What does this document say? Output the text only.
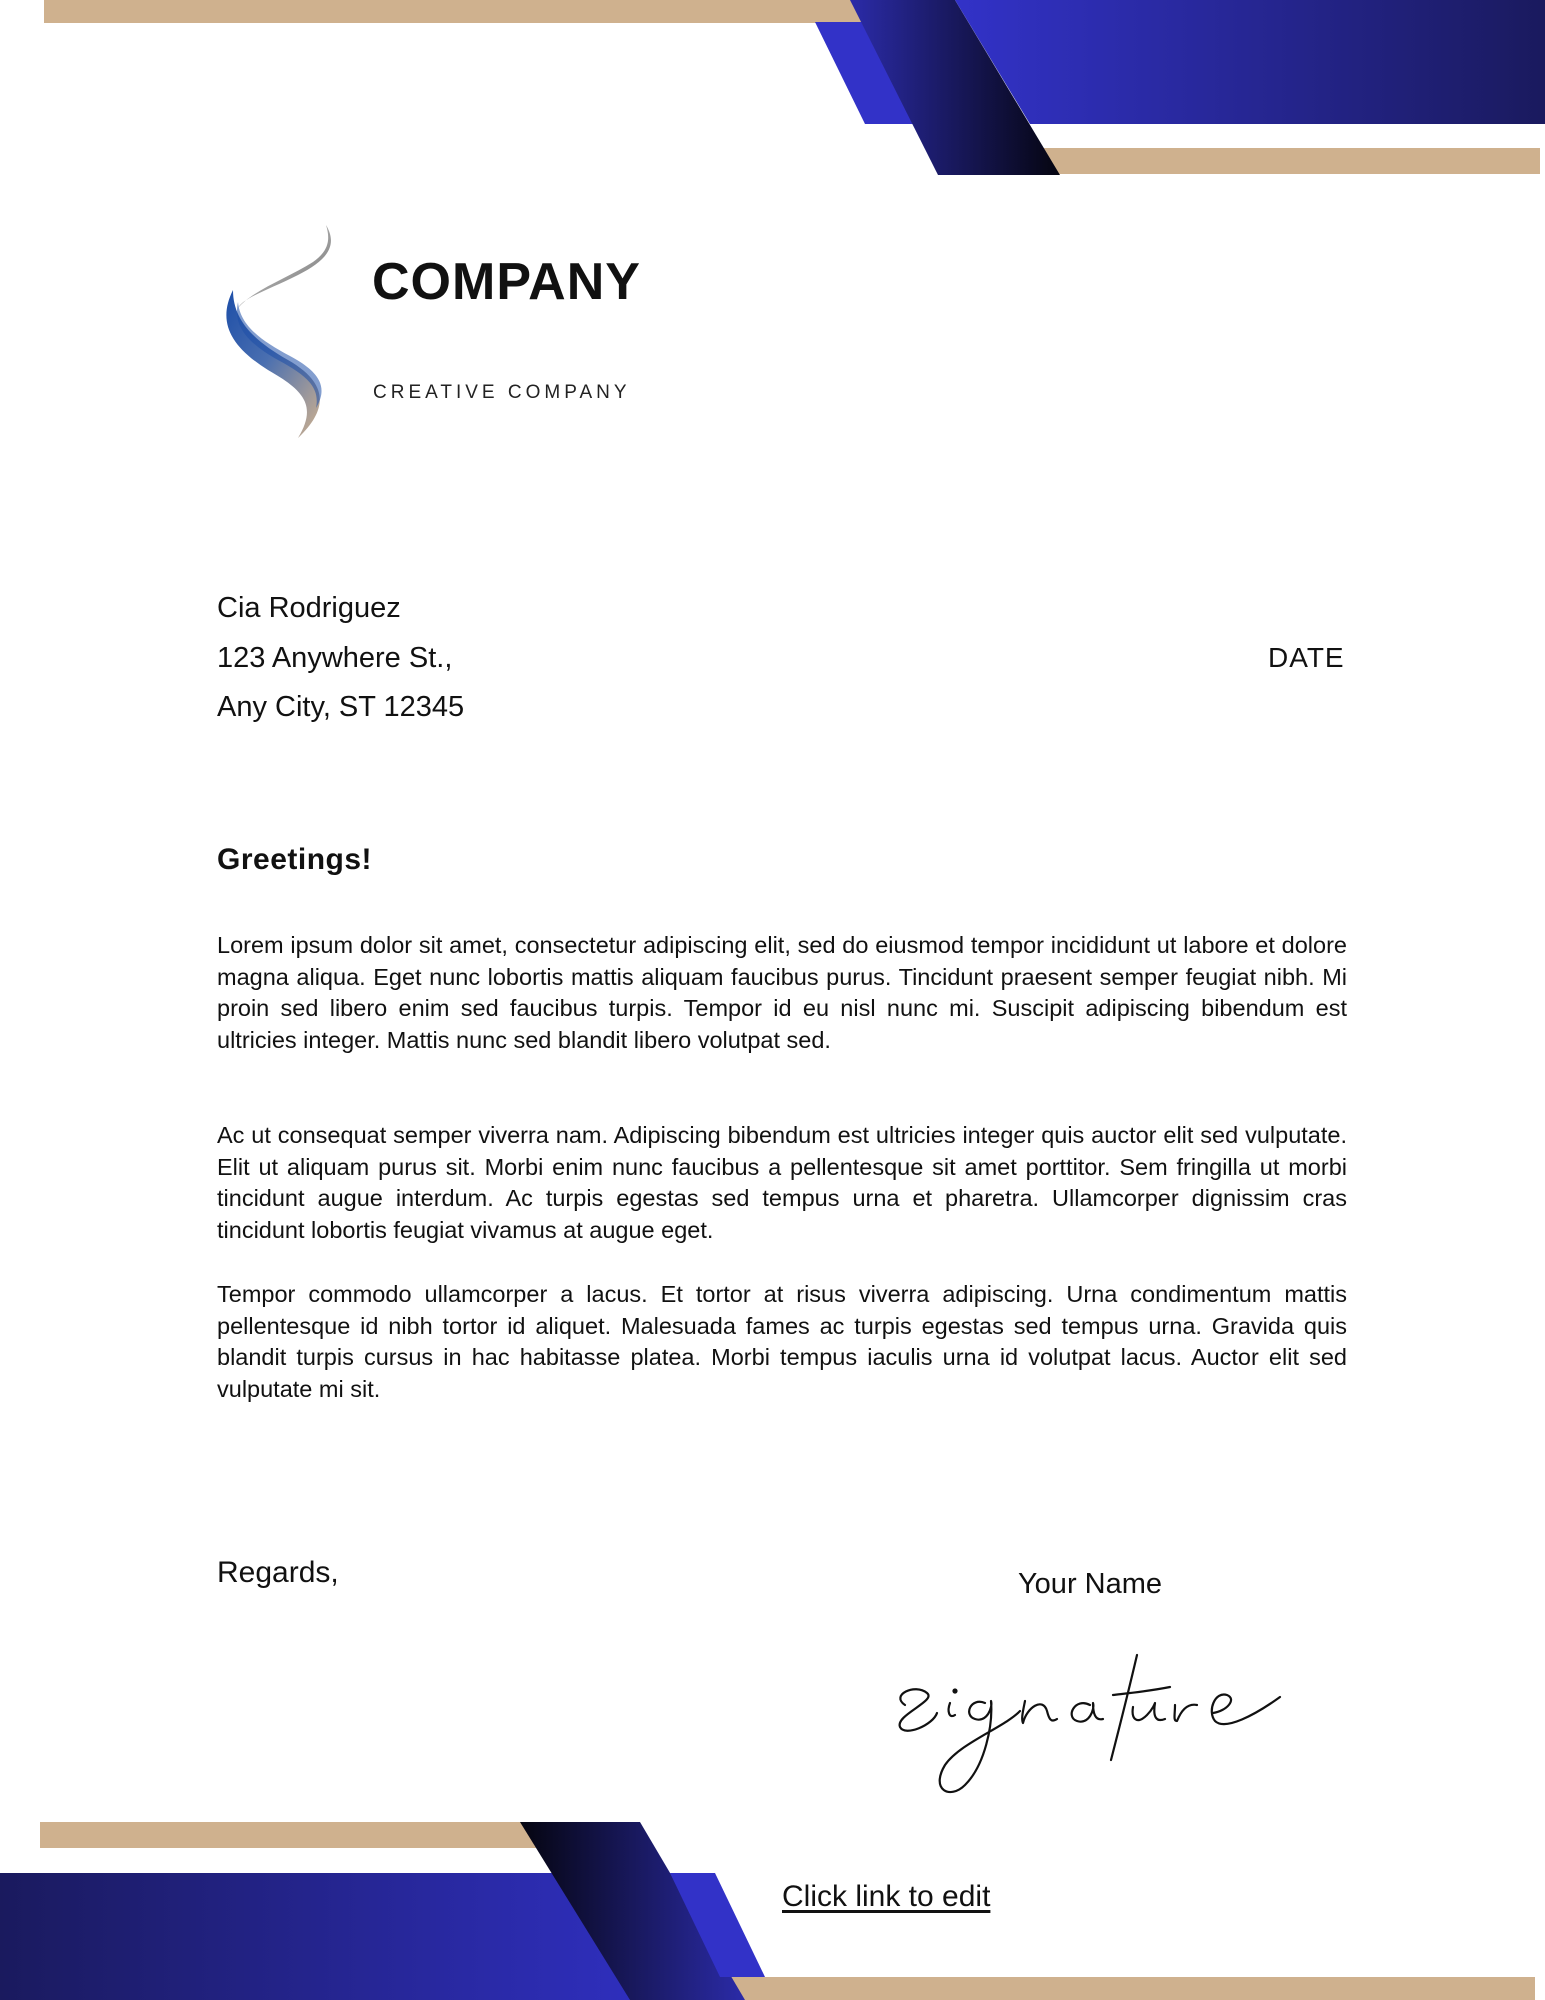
COMPANY
CREATIVE COMPANY
Cia Rodriguez
123 Anywhere St.,
Any City, ST 12345
DATE
Greetings!

Lorem ipsum dolor sit amet, consectetur adipiscing elit, sed do eiusmod tempor incididunt ut labore et dolore magna aliqua. Eget nunc lobortis mattis aliquam faucibus purus. Tincidunt praesent semper feugiat nibh. Mi proin sed libero enim sed faucibus turpis. Tempor id eu nisl nunc mi. Suscipit adipiscing bibendum est ultricies integer. Mattis nunc sed blandit libero volutpat sed.

Ac ut consequat semper viverra nam. Adipiscing bibendum est ultricies integer quis auctor elit sed vulputate. Elit ut aliquam purus sit. Morbi enim nunc faucibus a pellentesque sit amet porttitor. Sem fringilla ut morbi tincidunt augue interdum. Ac turpis egestas sed tempus urna et pharetra. Ullamcorper dignissim cras tincidunt lobortis feugiat vivamus at augue eget.

Tempor commodo ullamcorper a lacus. Et tortor at risus viverra adipiscing. Urna condimentum mattis pellentesque id nibh tortor id aliquet. Malesuada fames ac turpis egestas sed tempus urna. Gravida quis blandit turpis cursus in hac habitasse platea. Morbi tempus iaculis urna id volutpat lacus. Auctor elit sed vulputate mi sit.

Regards,	Your Name
Click link to edit
